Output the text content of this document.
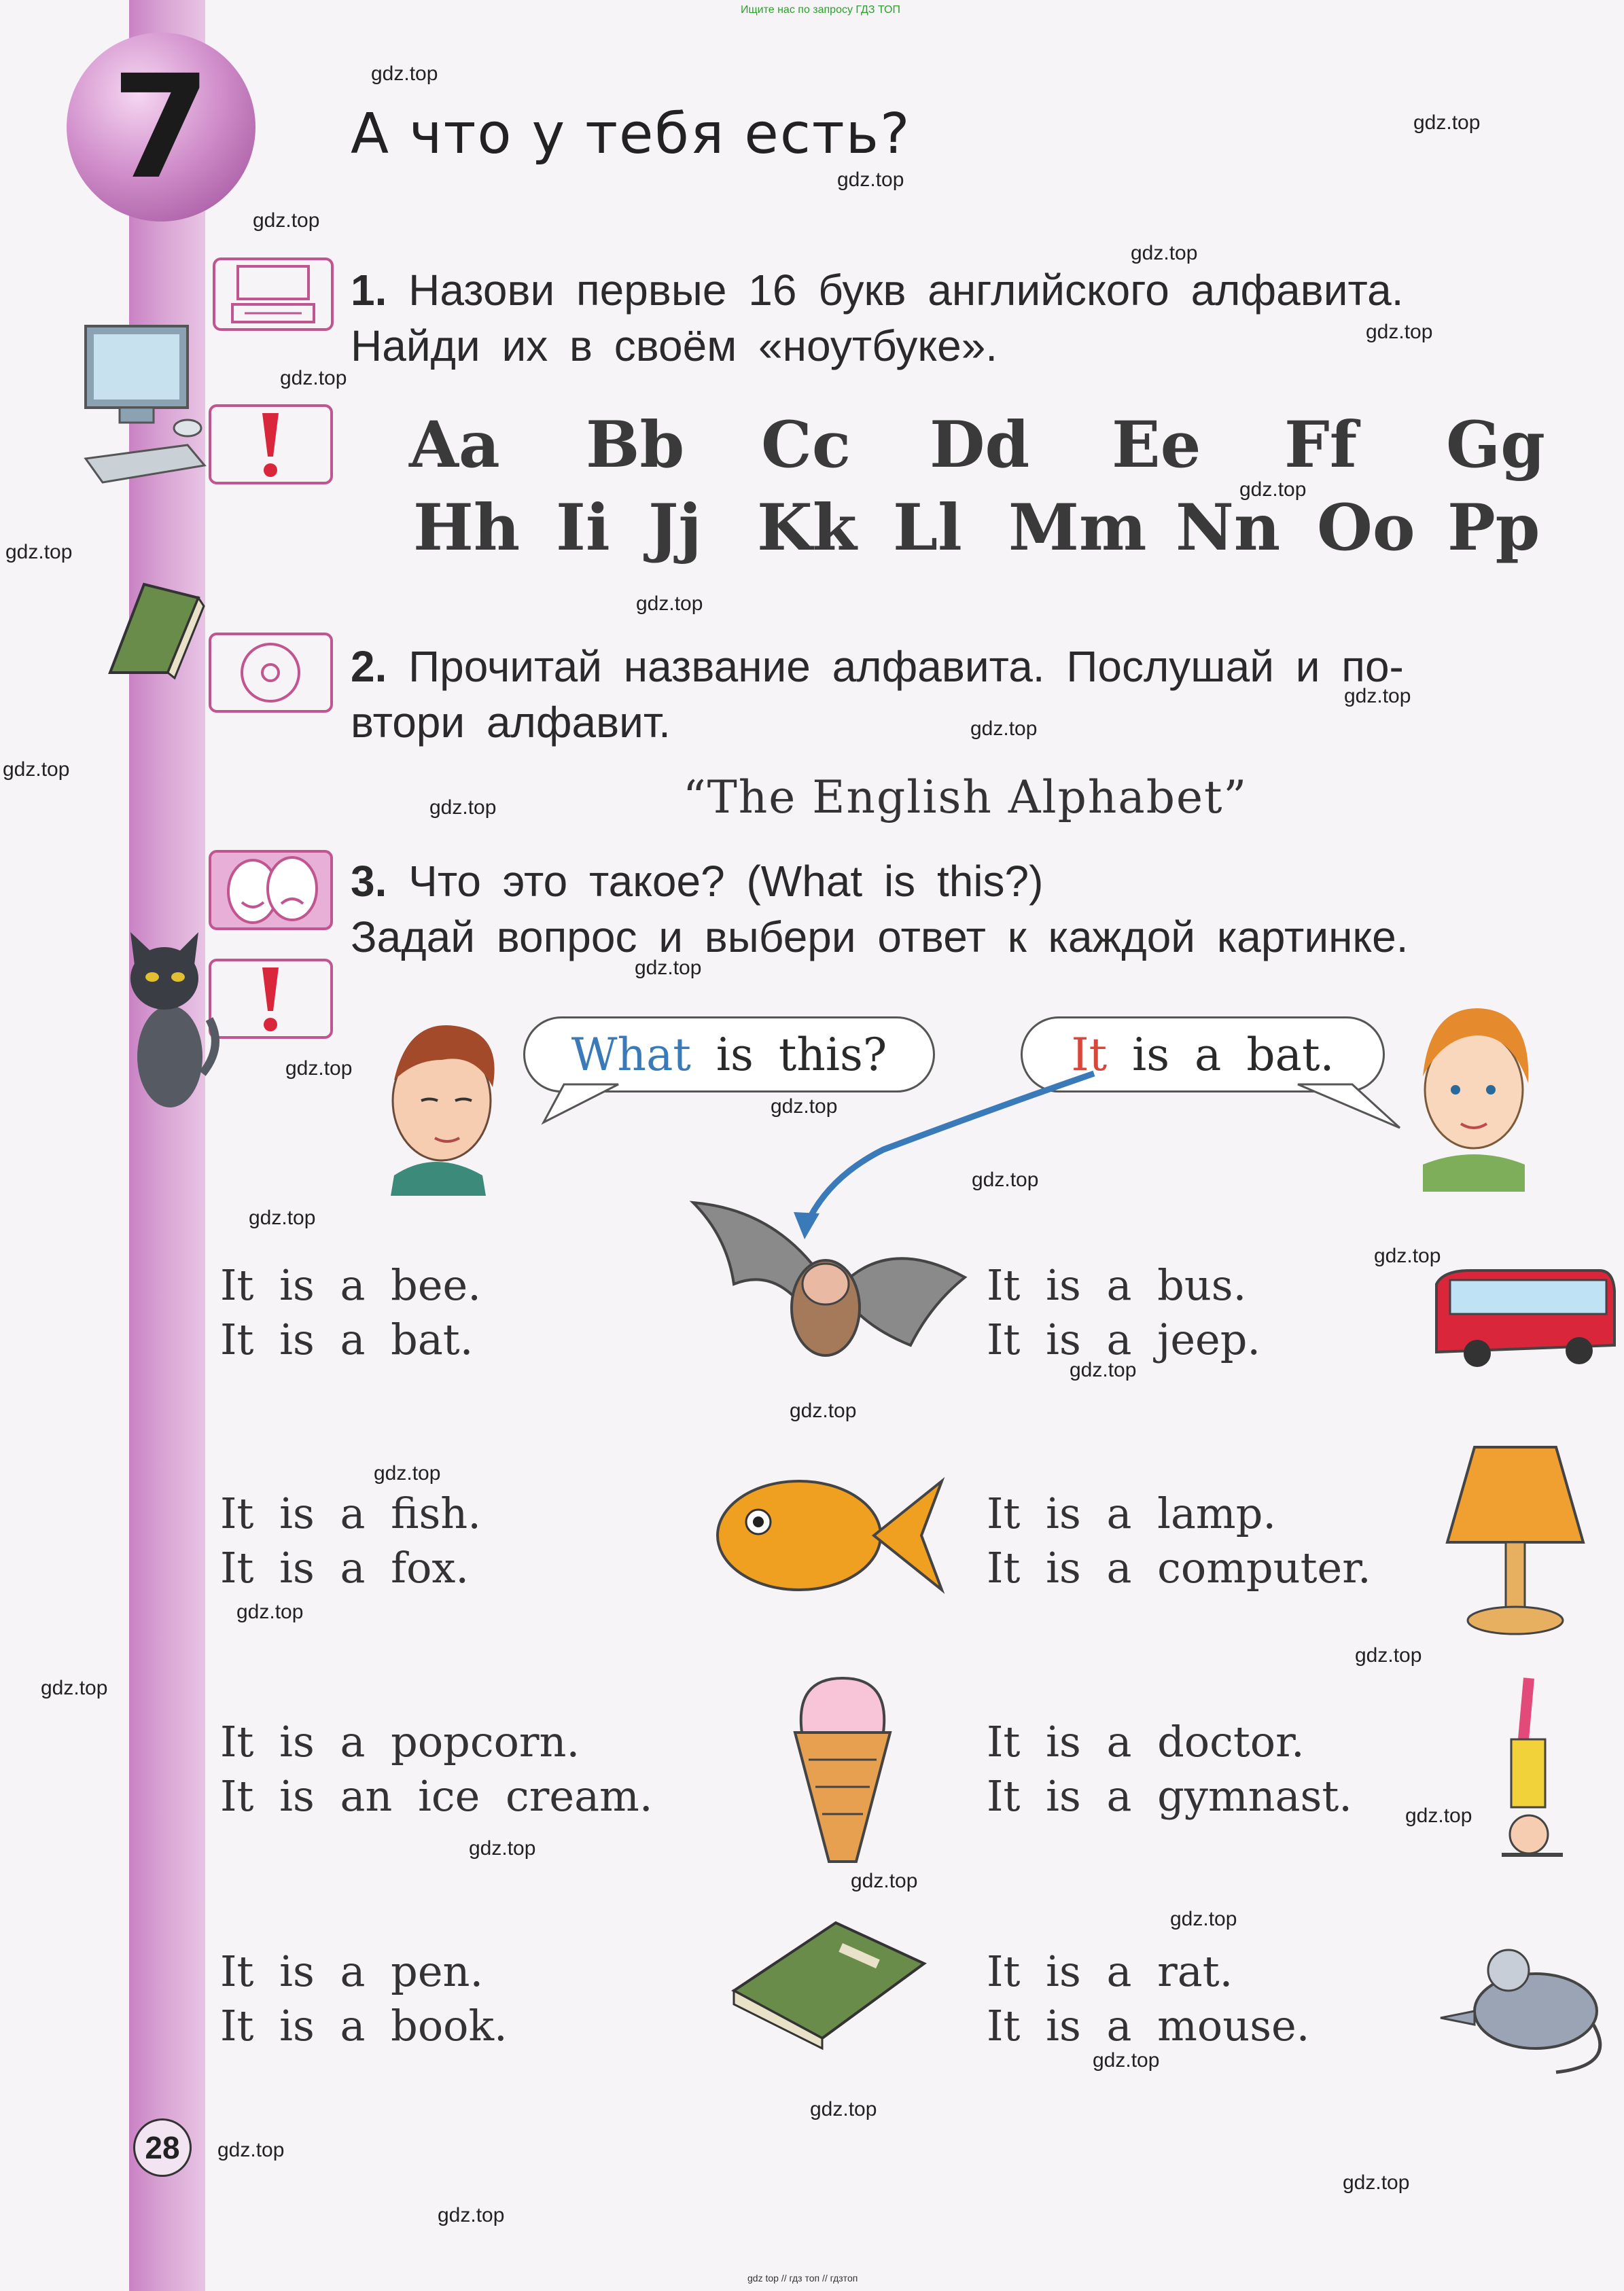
Ищите нас по запросу ГДЗ ТОП
gdz top // гдз топ // гдзтоп
7	А что у тебя есть?
1. Назови первые 16 букв английского алфавита.
Найди их в своём «ноутбуке».
Aa Bb Cc Dd Ee Ff Gg
Hh Ii Jj Kk Ll Mm Nn Oo Pp
2. Прочитай название алфавита. Послушай и по-
втори алфавит.
“The English Alphabet”
3. Что это такое? (What is this?)
Задай вопрос и выбери ответ к каждой картинке.
What
is this?	It
is a bat.
It is a bee.
It is a bat.
It is a bus.
It is a jeep.
It is a fish.
It is a fox.
It is a lamp.
It is a computer.
It is a popcorn.
It is an ice cream.
It is a doctor.
It is a gymnast.
It is a pen.
It is a book.
It is a rat.
It is a mouse.
28
gdz.top
gdz.top
gdz.top
gdz.top
gdz.top
gdz.top
gdz.top
gdz.top
gdz.top
gdz.top
gdz.top
gdz.top
gdz.top
gdz.top
gdz.top
gdz.top
gdz.top
gdz.top
gdz.top
gdz.top
gdz.top
gdz.top
gdz.top
gdz.top
gdz.top
gdz.top
gdz.top
gdz.top
gdz.top
gdz.top
gdz.top
gdz.top
gdz.top
gdz.top
gdz.top
